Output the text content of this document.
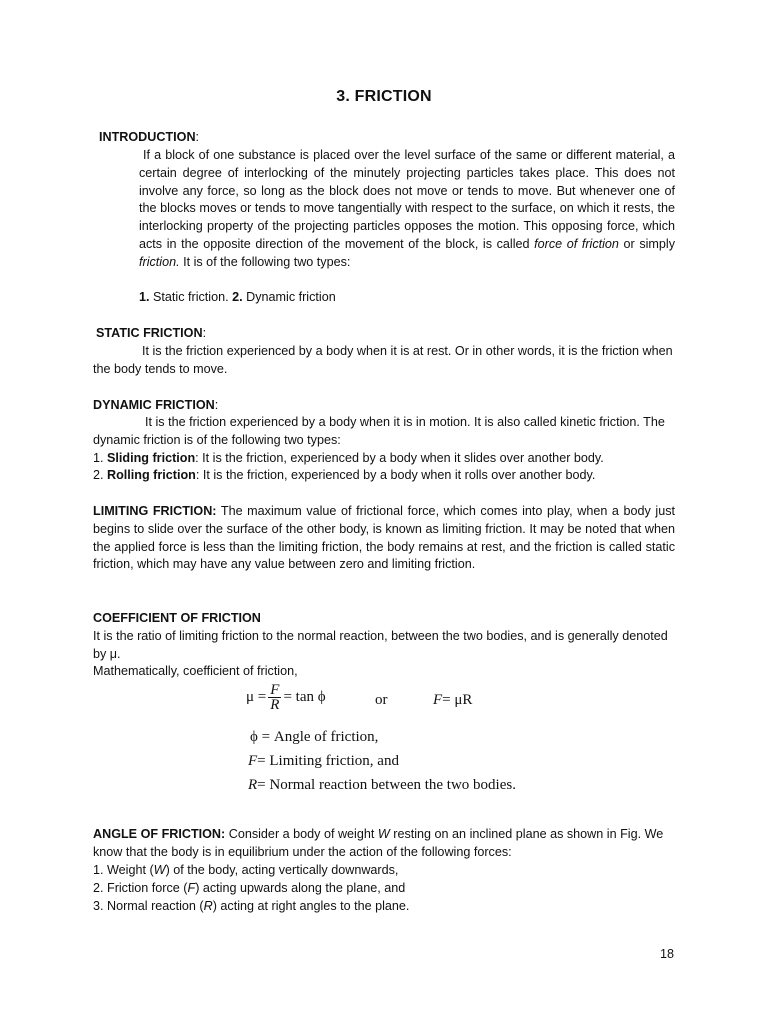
3. FRICTION
INTRODUCTION:
If a block of one substance is placed over the level surface of the same or different material, a certain degree of interlocking of the minutely projecting particles takes place. This does not involve any force, so long as the block does not move or tends to move. But whenever one of the blocks moves or tends to move tangentially with respect to the surface, on which it rests, the interlocking property of the projecting particles opposes the motion. This opposing force, which acts in the opposite direction of the movement of the block, is called force of friction or simply friction. It is of the following two types:
1. Static friction. 2. Dynamic friction
STATIC FRICTION:
It is the friction experienced by a body when it is at rest. Or in other words, it is the friction when the body tends to move.
DYNAMIC FRICTION:
It is the friction experienced by a body when it is in motion. It is also called kinetic friction. The dynamic friction is of the following two types:
1. Sliding friction: It is the friction, experienced by a body when it slides over another body.
2. Rolling friction: It is the friction, experienced by a body when it rolls over another body.
LIMITING FRICTION: The maximum value of frictional force, which comes into play, when a body just begins to slide over the surface of the other body, is known as limiting friction. It may be noted that when the applied force is less than the limiting friction, the body remains at rest, and the friction is called static friction, which may have any value between zero and limiting friction.
COEFFICIENT OF FRICTION
It is the ratio of limiting friction to the normal reaction, between the two bodies, and is generally denoted by μ.
Mathematically, coefficient of friction,
$\mu = \frac{F}{R} = \tan \phi$	or	F= μR
ϕ = Angle of friction,
F= Limiting friction, and
R= Normal reaction between the two bodies.
ANGLE OF FRICTION: Consider a body of weight W resting on an inclined plane as shown in Fig. We know that the body is in equilibrium under the action of the following forces:
1. Weight (W) of the body, acting vertically downwards,
2. Friction force (F) acting upwards along the plane, and
3. Normal reaction (R) acting at right angles to the plane.
18
